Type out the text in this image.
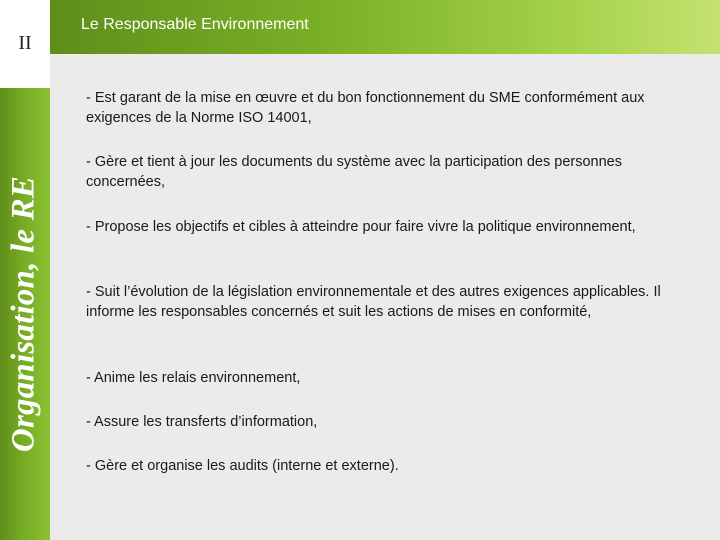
II
Organisation, le RE
Le Responsable Environnement

- Est garant de la mise en œuvre et du bon fonctionnement du SME conformément aux exigences de la Norme ISO 14001,

- Gère et tient à jour les documents du système avec la participation des personnes concernées,

- Propose les objectifs et cibles à atteindre pour faire vivre la politique environnement,

- Suit l’évolution de la législation environnementale et des autres exigences applicables. Il informe les responsables concernés et suit les actions de mises en conformité,

- Anime les relais environnement,

- Assure les transferts d’information,

- Gère et organise les audits (interne et externe).
